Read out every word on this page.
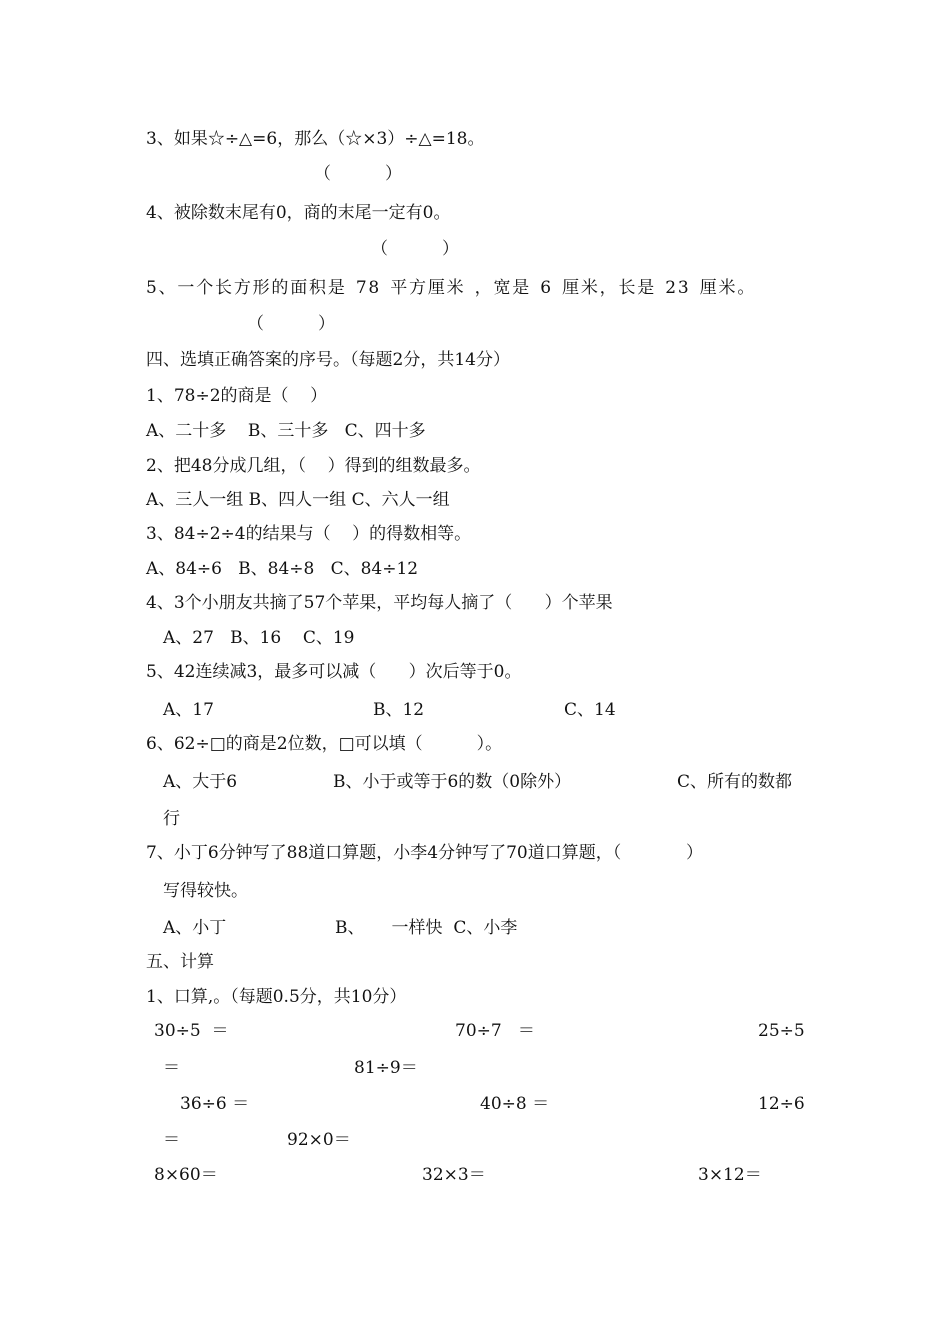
3、如果☆÷△=6，那么（☆×3）÷△=18。
（          ）
4、被除数末尾有0，商的末尾一定有0。
（          ）
5、一个长方形的面积是 78 平方厘米 ，宽是 6 厘米，长是 23 厘米。
（          ）
四、选填正确答案的序号。（每题2分，共14分）
1、78÷2的商是（    ）
A、二十多    B、三十多   C、四十多
2、把48分成几组，（    ）得到的组数最多。
A、三人一组 B、四人一组 C、六人一组
3、84÷2÷4的结果与（    ）的得数相等。
A、84÷6   B、84÷8   C、84÷12
4、3个小朋友共摘了57个苹果，平均每人摘了（      ）个苹果
A、27   B、16    C、19
5、42连续减3，最多可以减（      ）次后等于0。
A、17	B、12	C、14
6、62÷□的商是2位数，□可以填（          ）。
A、大于6	B、小于或等于6的数（0除外）	C、所有的数都
行
7、小丁6分钟写了88道口算题，小李4分钟写了70道口算题，（            ）
写得较快。
A、小丁	B、     一样快  C、小李
五、计算
1、口算,。（每题0.5分，共10分）
30÷5  ＝	70÷7   ＝	25÷5
＝	81÷9＝
36÷6 ＝	40÷8 ＝	12÷6
＝	92×0＝
8×60＝	32×3＝	3×12＝
